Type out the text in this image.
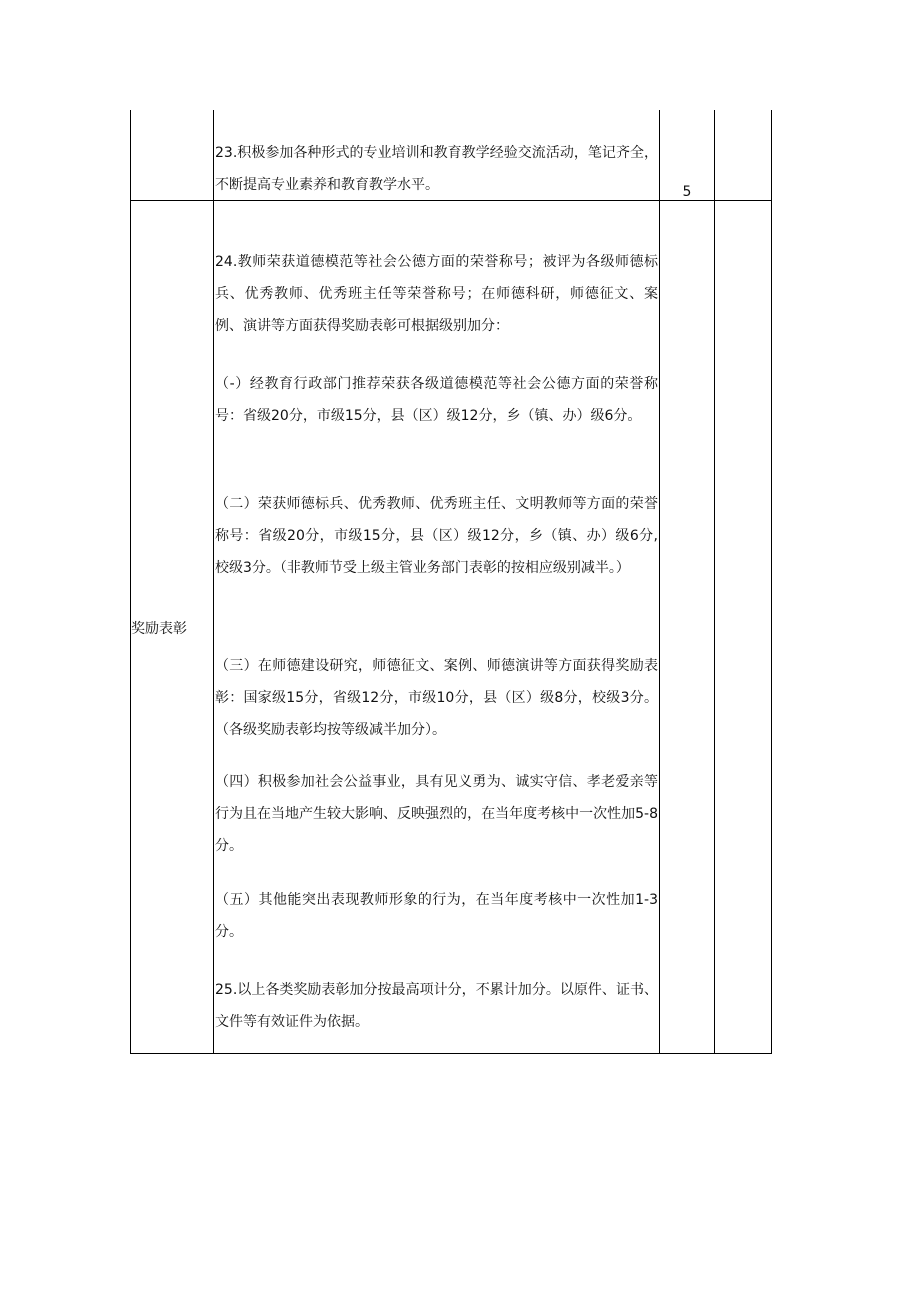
23.积极参加各种形式的专业培训和教育教学经验交流活动，笔记齐全，不断提高专业素养和教育教学水平。	5
奖励表彰
24.教师荣获道德模范等社会公德方面的荣誉称号；被评为各级师德标兵、优秀教师、优秀班主任等荣誉称号；在师德科研，师德征文、案例、演讲等方面获得奖励表彰可根据级别加分：
（-）经教育行政部门推荐荣获各级道德模范等社会公德方面的荣誉称号：省级20分，市级15分，县（区）级12分，乡（镇、办）级6分。
（二）荣获师德标兵、优秀教师、优秀班主任、文明教师等方面的荣誉称号：省级20分，市级15分，县（区）级12分，乡（镇、办）级6分,校级3分。（非教师节受上级主管业务部门表彰的按相应级别减半。）
（三）在师德建设研究，师德征文、案例、师德演讲等方面获得奖励表彰：国家级15分，省级12分，市级10分，县（区）级8分，校级3分。（各级奖励表彰均按等级减半加分）。
（四）积极参加社会公益事业，具有见义勇为、诚实守信、孝老爱亲等行为且在当地产生较大影响、反映强烈的，在当年度考核中一次性加5-8分。
（五）其他能突出表现教师形象的行为，在当年度考核中一次性加1-3分。
25.以上各类奖励表彰加分按最高项计分，不累计加分。以原件、证书、文件等有效证件为依据。
